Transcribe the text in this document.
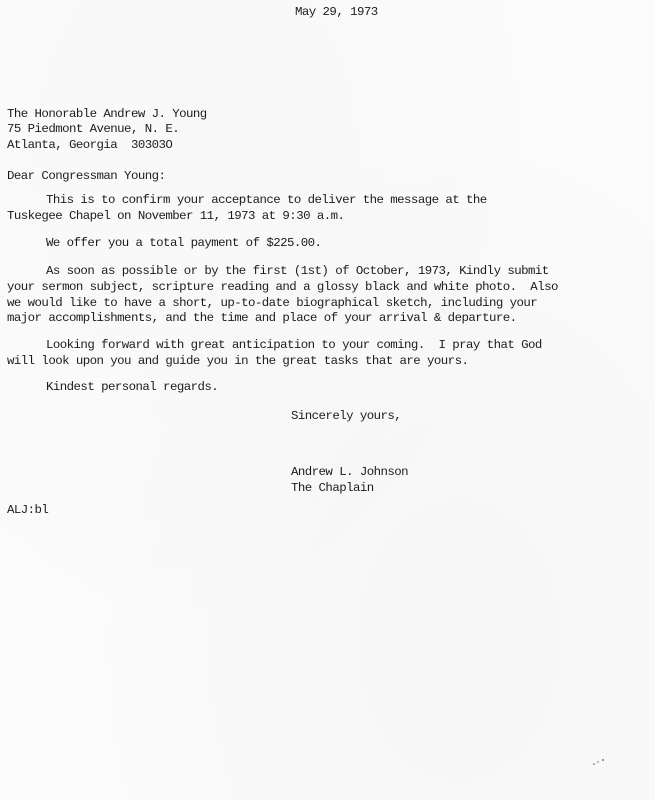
May 29, 1973
The Honorable Andrew J. Young
75 Piedmont Avenue, N. E.
Atlanta, Georgia  30303O
Dear Congressman Young:
This is to confirm your acceptance to deliver the message at the
Tuskegee Chapel on November 11, 1973 at 9:30 a.m.
We offer you a total payment of $225.00.
As soon as possible or by the first (1st) of October, 1973, Kindly submit
your sermon subject, scripture reading and a glossy black and white photo.  Also
we would like to have a short, up-to-date biographical sketch, including your
major accomplishments, and the time and place of your arrival & departure.
Looking forward with great anticipation to your coming.  I pray that God
will look upon you and guide you in the great tasks that are yours.
Kindest personal regards.
Sincerely yours,
Andrew L. Johnson
The Chaplain
ALJ:bl
